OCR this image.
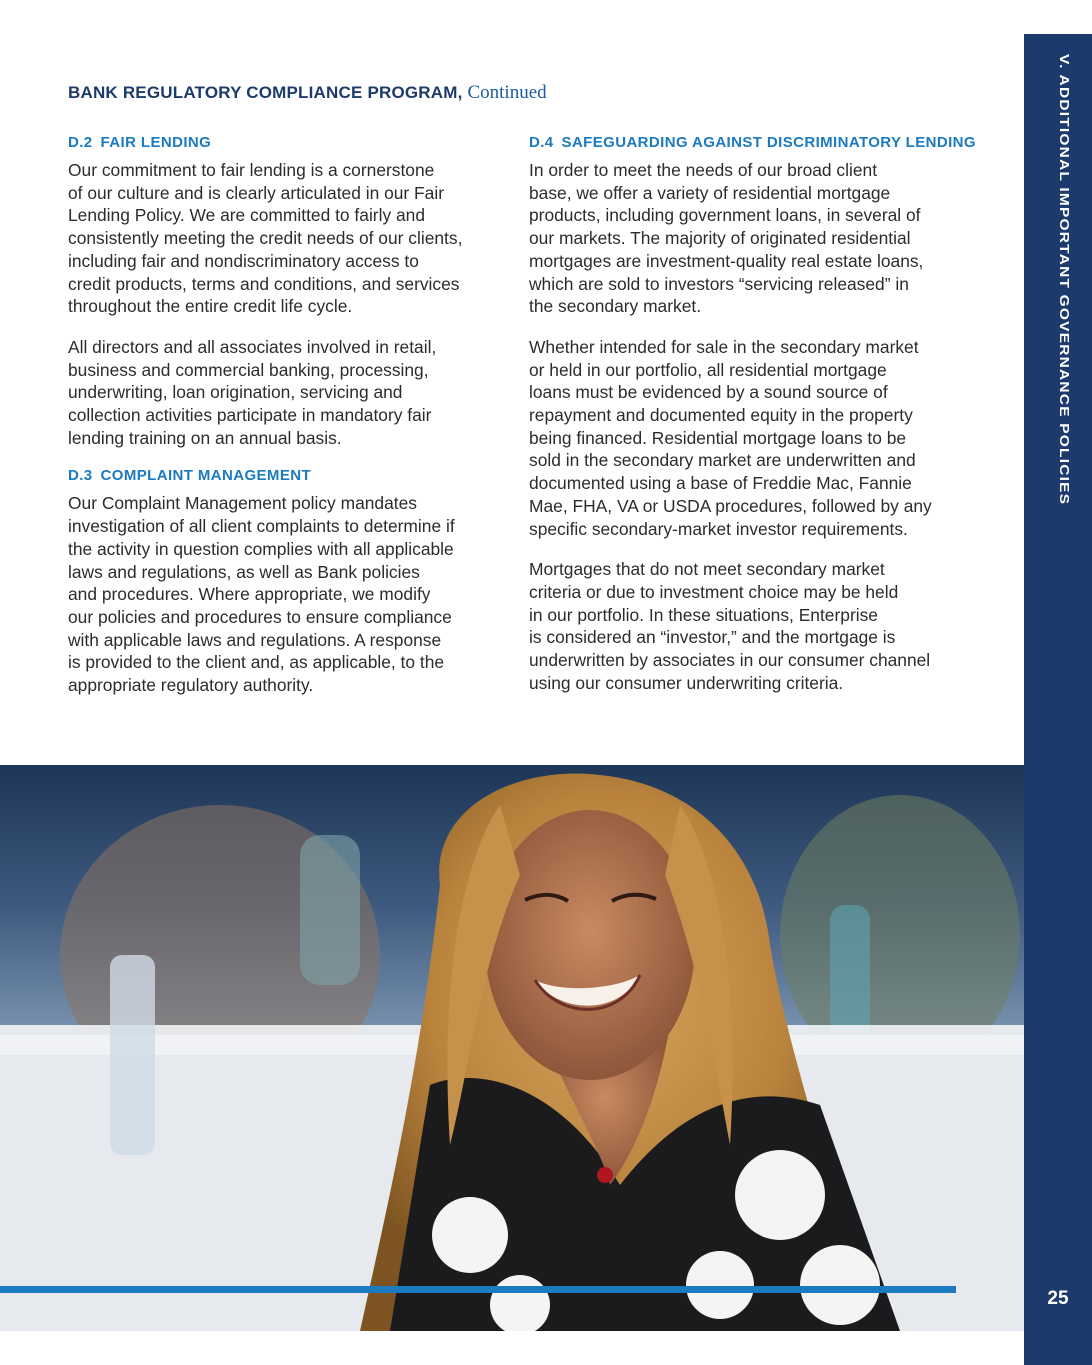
V. ADDITIONAL IMPORTANT GOVERNANCE POLICIES
25
BANK REGULATORY COMPLIANCE PROGRAM, Continued
D.2 FAIR LENDING

Our commitment to fair lending is a cornerstone
of our culture and is clearly articulated in our Fair
Lending Policy. We are committed to fairly and
consistently meeting the credit needs of our clients,
including fair and nondiscriminatory access to
credit products, terms and conditions, and services
throughout the entire credit life cycle.

All directors and all associates involved in retail,
business and commercial banking, processing,
underwriting, loan origination, servicing and
collection activities participate in mandatory fair
lending training on an annual basis.

D.3 COMPLAINT MANAGEMENT

Our Complaint Management policy mandates
investigation of all client complaints to determine if
the activity in question complies with all applicable
laws and regulations, as well as Bank policies
and procedures. Where appropriate, we modify
our policies and procedures to ensure compliance
with applicable laws and regulations. A response
is provided to the client and, as applicable, to the
appropriate regulatory authority.

D.4 SAFEGUARDING AGAINST DISCRIMINATORY LENDING

In order to meet the needs of our broad client
base, we offer a variety of residential mortgage
products, including government loans, in several of
our markets. The majority of originated residential
mortgages are investment-quality real estate loans,
which are sold to investors “servicing released” in
the secondary market.

Whether intended for sale in the secondary market
or held in our portfolio, all residential mortgage
loans must be evidenced by a sound source of
repayment and documented equity in the property
being financed. Residential mortgage loans to be
sold in the secondary market are underwritten and
documented using a base of Freddie Mac, Fannie
Mae, FHA, VA or USDA procedures, followed by any
specific secondary-market investor requirements.

Mortgages that do not meet secondary market
criteria or due to investment choice may be held
in our portfolio. In these situations, Enterprise
is considered an “investor,” and the mortgage is
underwritten by associates in our consumer channel
using our consumer underwriting criteria.
